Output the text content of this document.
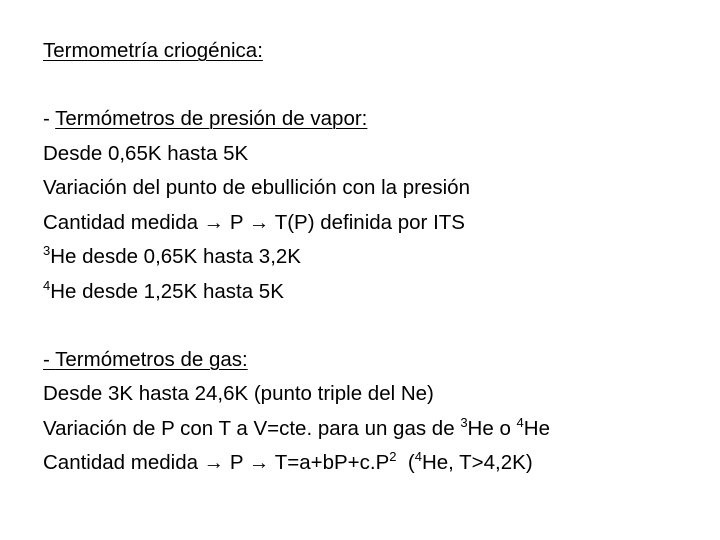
Termometría criogénica:
- Termómetros de presión de vapor:
Desde 0,65K hasta 5K
Variación del punto de ebullición con la presión
Cantidad medida → P → T(P) definida por ITS
$^3$He desde 0,65K hasta 3,2K
$^4$He desde 1,25K hasta 5K
- Termómetros de gas:
Desde 3K hasta 24,6K (punto triple del Ne)
Variación de P con T a V=cte. para un gas de $^3$He o $^4$He
Cantidad medida → $P \to T=a+bP+c.P^2$  ($^4$He, T>4,2K)
